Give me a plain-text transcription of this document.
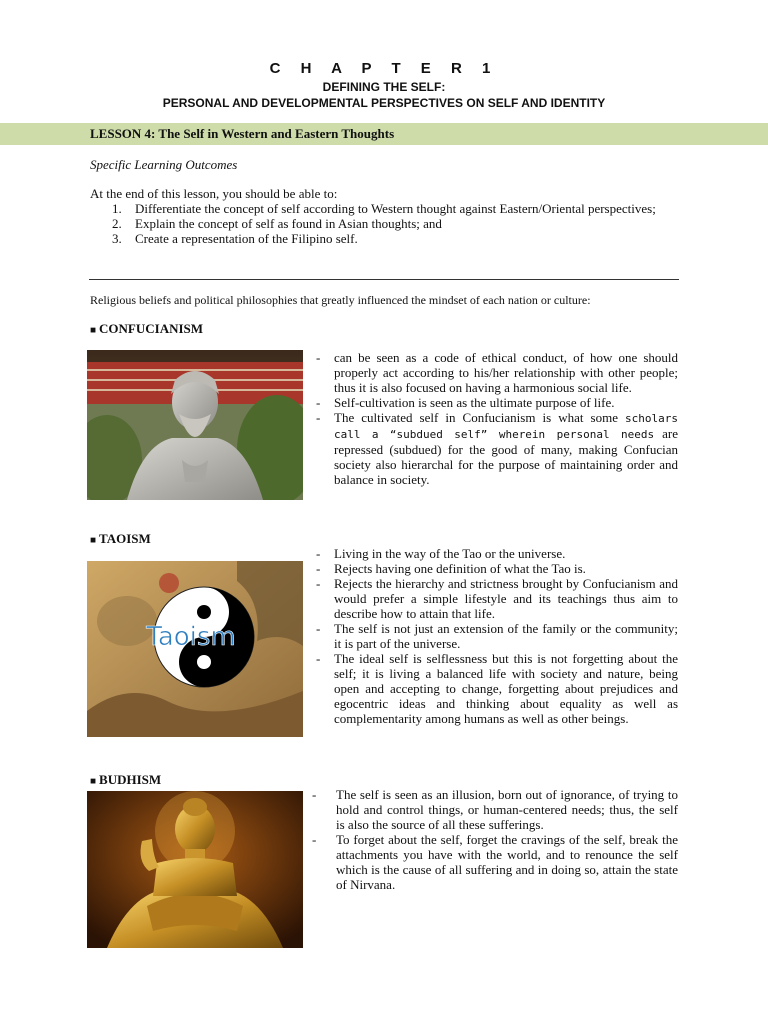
C H A P T E R 1
DEFINING THE SELF:
PERSONAL AND DEVELOPMENTAL PERSPECTIVES ON SELF AND IDENTITY
LESSON 4: The Self in Western and Eastern Thoughts
Specific Learning Outcomes
At the end of this lesson, you should be able to:
1.	Differentiate the concept of self according to Western thought against Eastern/Oriental perspectives;
2.	Explain the concept of self as found in Asian thoughts; and
3.	Create a representation of the Filipino self.
Religious beliefs and political philosophies that greatly influenced the mindset of each nation or culture:
■ CONFUCIANISM
-	can be seen as a code of ethical conduct, of how one should properly act according to his/her relationship with other people; thus it is also focused on having a harmonious social life.
-	Self-cultivation is seen as the ultimate purpose of life.
-	The cultivated self in Confucianism is what some scholars call a “subdued self” wherein personal needs are repressed (subdued) for the good of many, making Confucian society also hierarchal for the purpose of maintaining order and balance in society.
■ TAOISM
Taoism
-	Living in the way of the Tao or the universe.
-	Rejects having one definition of what the Tao is.
-	Rejects the hierarchy and strictness brought by Confucianism and would prefer a simple lifestyle and its teachings thus aim to describe how to attain that life.
-	The self is not just an extension of the family or the community; it is part of the universe.
-	The ideal self is selflessness but this is not forgetting about the self; it is living a balanced life with society and nature, being open and accepting to change, forgetting about prejudices and egocentric ideas and thinking about equality as well as complementarity among humans as well as other beings.
■ BUDHISM
-	The self is seen as an illusion, born out of ignorance, of trying to hold and control things, or human-centered needs; thus, the self is also the source of all these sufferings.
-	To forget about the self, forget the cravings of the self, break the attachments you have with the world, and to renounce the self which is the cause of all suffering and in doing so, attain the state of Nirvana.
